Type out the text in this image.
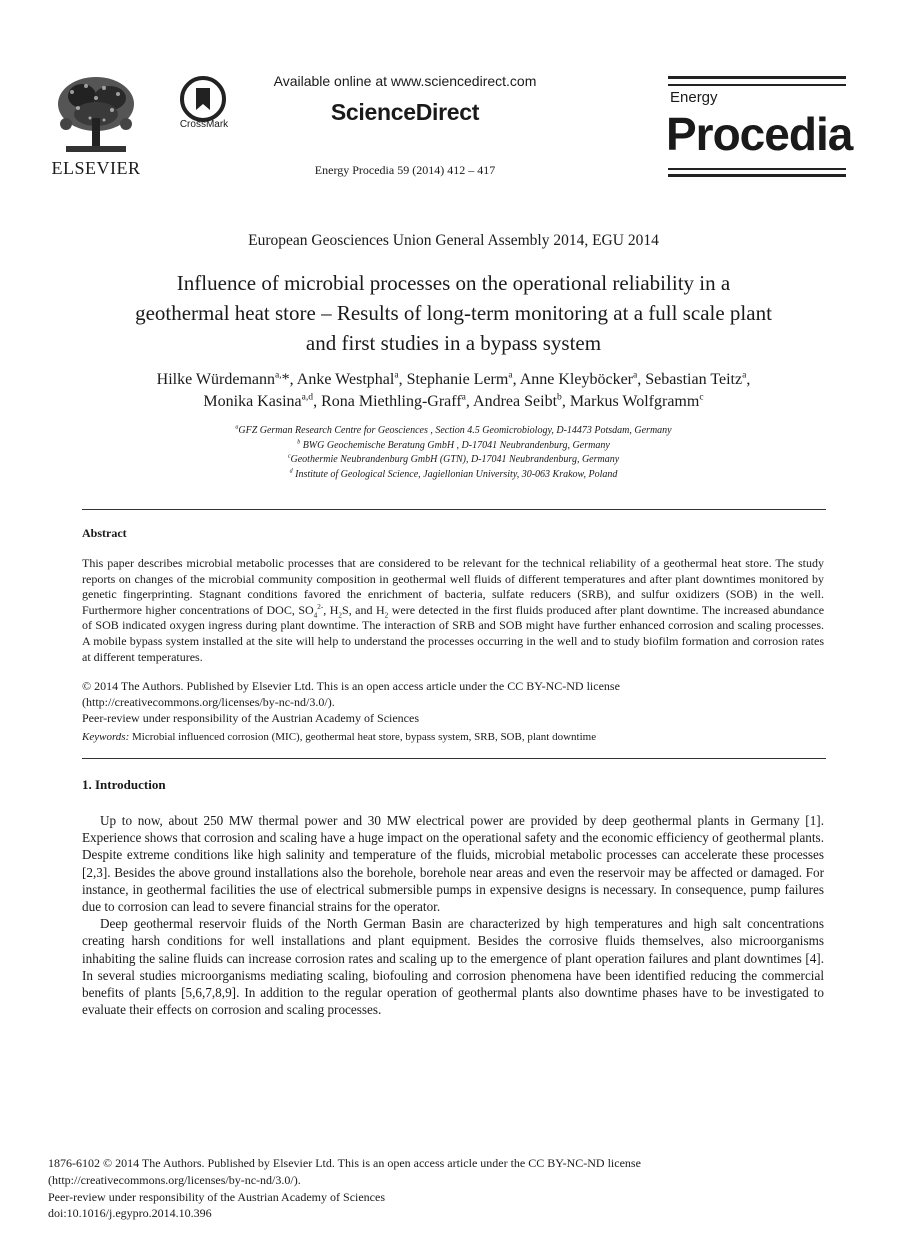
ELSEVIER
CrossMark
Available online at www.sciencedirect.com
ScienceDirect
Energy Procedia 59 (2014) 412 – 417
Energy
Procedia
European Geosciences Union General Assembly 2014, EGU 2014
Influence of microbial processes on the operational reliability in a
geothermal heat store – Results of long-term monitoring at a full scale plant
and first studies in a bypass system
Hilke Würdemann$^{a,}$*, Anke Westphal$^a$, Stephanie Lerm$^a$, Anne Kleyböcker$^a$, Sebastian Teitz$^a$,
Monika Kasina$^{a,d}$, Rona Miethling-Graff$^a$, Andrea Seibt$^b$, Markus Wolfgramm$^c$
$^a$GFZ German Research Centre for Geosciences , Section 4.5 Geomicrobiology, D-14473 Potsdam, Germany
$^b$ BWG Geochemische Beratung GmbH , D-17041 Neubrandenburg, Germany
$^c$Geothermie Neubrandenburg GmbH (GTN), D-17041 Neubrandenburg, Germany
$^d$ Institute of Geological Science, Jagiellonian University, 30-063 Krakow, Poland
Abstract
This paper describes microbial metabolic processes that are considered to be relevant for the technical reliability of a geothermal heat store. The study reports on changes of the microbial community composition in geothermal well fluids of different temperatures and after plant downtimes monitored by genetic fingerprinting. Stagnant conditions favored the enrichment of bacteria, sulfate reducers (SRB), and sulfur oxidizers (SOB) in the well. Furthermore higher concentrations of DOC, $SO_4^{2-}$, $H_2S$, and $H_2$ were detected in the first fluids produced after plant downtime. The increased abundance of SOB indicated oxygen ingress during plant downtime. The interaction of SRB and SOB might have further enhanced corrosion and scaling processes. A mobile bypass system installed at the site will help to understand the processes occurring in the well and to study biofilm formation and corrosion rates at different temperatures.
© 2014 The Authors. Published by Elsevier Ltd. This is an open access article under the CC BY-NC-ND license
(http://creativecommons.org/licenses/by-nc-nd/3.0/).
Peer-review under responsibility of the Austrian Academy of Sciences
Keywords: Microbial influenced corrosion (MIC), geothermal heat store, bypass system, SRB, SOB, plant downtime
1. Introduction

Up to now, about 250 MW thermal power and 30 MW electrical power are provided by deep geothermal plants in Germany [1]. Experience shows that corrosion and scaling have a huge impact on the operational safety and the economic efficiency of geothermal plants. Despite extreme conditions like high salinity and temperature of the fluids, microbial metabolic processes can accelerate these processes [2,3]. Besides the above ground installations also the borehole, borehole near areas and even the reservoir may be affected or damaged. For instance, in geothermal facilities the use of electrical submersible pumps in expensive designs is necessary. In consequence, pump failures due to corrosion can lead to severe financial strains for the operator.

Deep geothermal reservoir fluids of the North German Basin are characterized by high temperatures and high salt concentrations creating harsh conditions for well installations and plant equipment. Besides the corrosive fluids themselves, also microorganisms inhabiting the saline fluids can increase corrosion rates and scaling up to the emergence of plant operation failures and plant downtimes [4]. In several studies microorganisms mediating scaling, biofouling and corrosion phenomena have been identified reducing the commercial benefits of plants [5,6,7,8,9]. In addition to the regular operation of geothermal plants also downtime phases have to be investigated to evaluate their effects on corrosion and scaling processes.

1876-6102 © 2014 The Authors. Published by Elsevier Ltd. This is an open access article under the CC BY-NC-ND license
(http://creativecommons.org/licenses/by-nc-nd/3.0/).
Peer-review under responsibility of the Austrian Academy of Sciences
doi:10.1016/j.egypro.2014.10.396
